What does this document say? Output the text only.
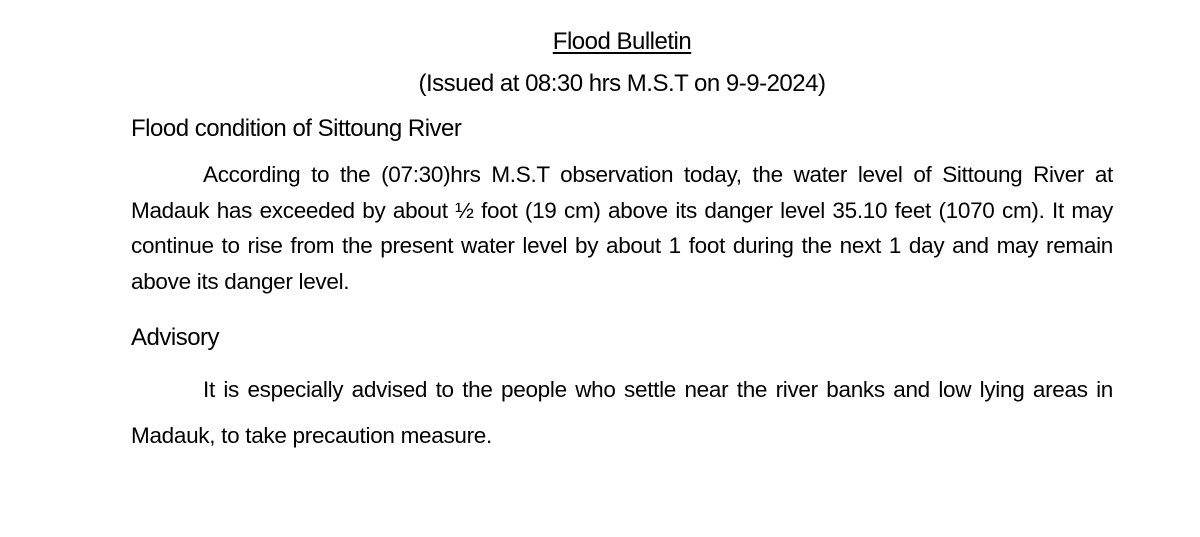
Flood Bulletin

(Issued at 08:30 hrs M.S.T on 9-9-2024)

Flood condition of Sittoung River

According to the (07:30)hrs M.S.T observation today, the water level of Sittoung River at Madauk has exceeded by about ½ foot (19 cm) above its danger level 35.10 feet (1070 cm). It may continue to rise from the present water level by about 1 foot during the next 1 day and may remain above its danger level.

Advisory

It is especially advised to the people who settle near the river banks and low lying areas in Madauk, to take precaution measure.
